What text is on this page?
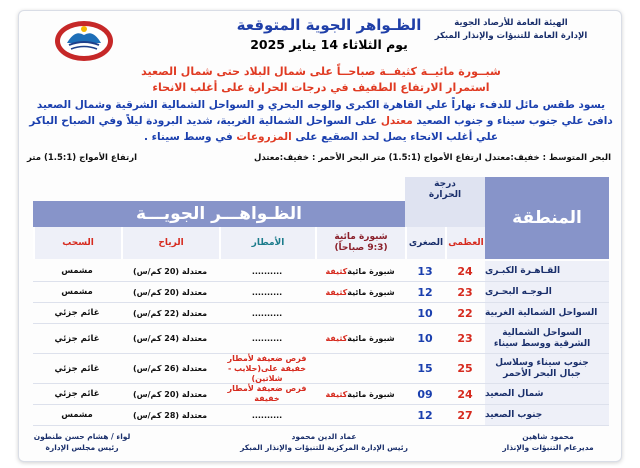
الهيئة العامة للأرصاد الجوية
الإدارة العامة للتنبؤات والإنذار المبكر
الظـواهر الجوية المتوقعة
يوم الثلاثاء 14 يناير 2025
شبــورة مائيــة كثيفــة صباحــاً على شمال البلاد حتى شمال الصعيد
استمرار الارتفاع الطفيف في درجات الحرارة على أغلب الانحاء
يسود طقس مائل للدفء نهاراً علي القاهرة الكبرى والوجه البحري و السواحل الشمالية الشرقية وشمال الصعيد
دافئ علي جنوب سيناء و جنوب الصعيد معتدل على السواحل الشمالية الغربية، شديد البرودة ليلاً وفي الصباح الباكر
علي أغلب الانحاء يصل لحد الصقيع على المزروعات في وسط سيناء .
البحر المتوسط : خفيف:معتدل ارتفاع الأمواج (1.5:1) متر البحر الأحمر : خفيف:معتدل
ارتفاع الأمواج (1.5:1) متر
الظـواهـــر الجويـــة
درجة
الحرارة
المنطقة
العظمى
الصغرى
شبورة مائية
(9:3 صباحاً)
الأمطار
الرياح
السحب
القـاهـرة الكبـرى
24
13
شبورة مائية
كثيفة
..........
معتدلة (20 كم/س)
مشمس
الـوجـه البحـرى
23
12
شبورة مائية
كثيفة
..........
معتدلة (20 كم/س)
مشمس
السواحل الشمالية الغربية
22
10
..........
معتدلة (22 كم/س)
غائم جزئي
السواحل الشمالية الشرقية ووسط سيناء
23
10
شبورة مائية
كثيفة
..........
معتدلة (24 كم/س)
غائم جزئي
جنوب سيناء وسلاسل جبال البحر الأحمر
25
15
فرص ضعيفة لأمطار خفيفة على(حلايب - شلاتين)
معتدلة (26 كم/س)
غائم جزئي
شمال الصعيد
24
09
شبورة مائية
كثيفة
فرص ضعيفة لأمطار خفيفة
معتدلة (20 كم/س)
غائم جزئي
جنوب الصعيد
27
12
..........
معتدلة (28 كم/س)
مشمس
محمود شاهين
مديرعام التنبؤات والإنذار
عماد الدين محمود
رئيس الإدارة المركزية للتنبؤات والإنذار المبكر
لواء / هشام حسن طنطون
رئيس مجلس الإدارة
